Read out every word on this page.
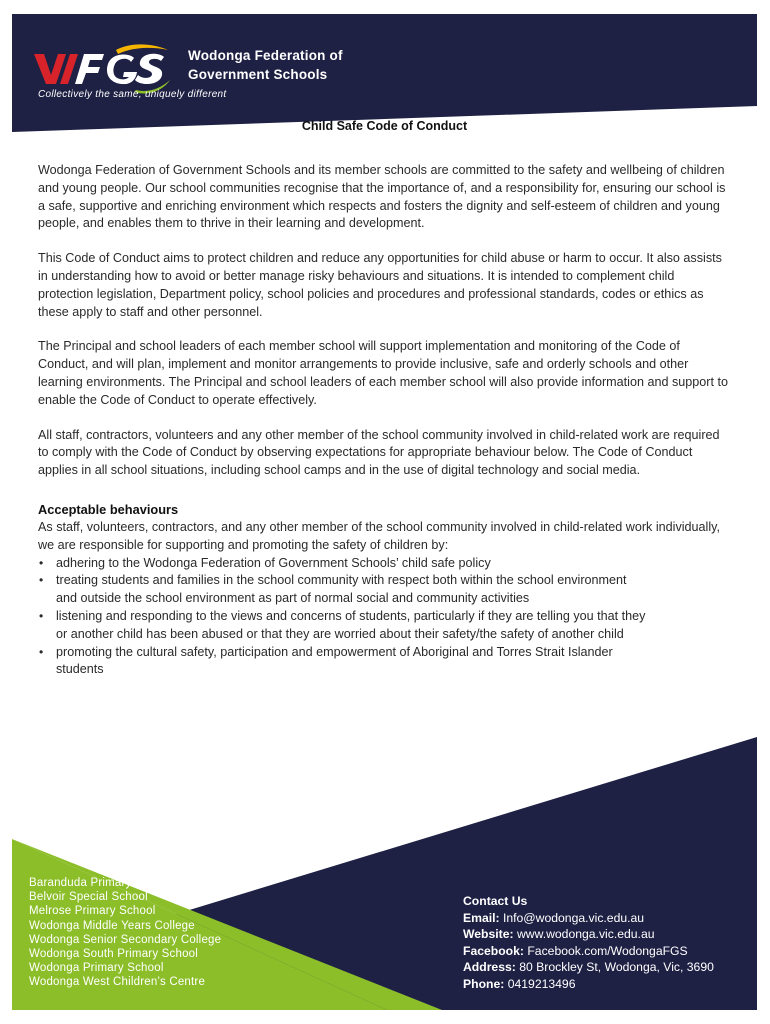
Wodonga Federation of
Government Schools
Collectively the same, uniquely different
Child Safe Code of Conduct

Wodonga Federation of Government Schools and its member schools are committed to the safety and wellbeing of children and young people. Our school communities recognise that the importance of, and a responsibility for, ensuring our school is a safe, supportive and enriching environment which respects and fosters the dignity and self-esteem of children and young people, and enables them to thrive in their learning and development.

This Code of Conduct aims to protect children and reduce any opportunities for child abuse or harm to occur. It also assists in understanding how to avoid or better manage risky behaviours and situations. It is intended to complement child protection legislation, Department policy, school policies and procedures and professional standards, codes or ethics as these apply to staff and other personnel.

The Principal and school leaders of each member school will support implementation and monitoring of the Code of Conduct, and will plan, implement and monitor arrangements to provide inclusive, safe and orderly schools and other learning environments. The Principal and school leaders of each member school will also provide information and support to enable the Code of Conduct to operate effectively.

All staff, contractors, volunteers and any other member of the school community involved in child-related work are required to comply with the Code of Conduct by observing expectations for appropriate behaviour below. The Code of Conduct applies in all school situations, including school camps and in the use of digital technology and social media.

Acceptable behaviours
As staff, volunteers, contractors, and any other member of the school community involved in child-related work individually, we are responsible for supporting and promoting the safety of children by:
• adhering to the Wodonga Federation of Government Schools’ child safe policy
• treating students and families in the school community with respect both within the school environment and outside the school environment as part of normal social and community activities
• listening and responding to the views and concerns of students, particularly if they are telling you that they or another child has been abused or that they are worried about their safety/the safety of another child
• promoting the cultural safety, participation and empowerment of Aboriginal and Torres Strait Islander students
Baranduda Primary School
Belvoir Special School
Melrose Primary School
Wodonga Middle Years College
Wodonga Senior Secondary College
Wodonga South Primary School
Wodonga Primary School
Wodonga West Children’s Centre
Contact Us
Email: Info@wodonga.vic.edu.au
Website: www.wodonga.vic.edu.au
Facebook: Facebook.com/WodongaFGS
Address: 80 Brockley St, Wodonga, Vic, 3690
Phone: 0419213496
